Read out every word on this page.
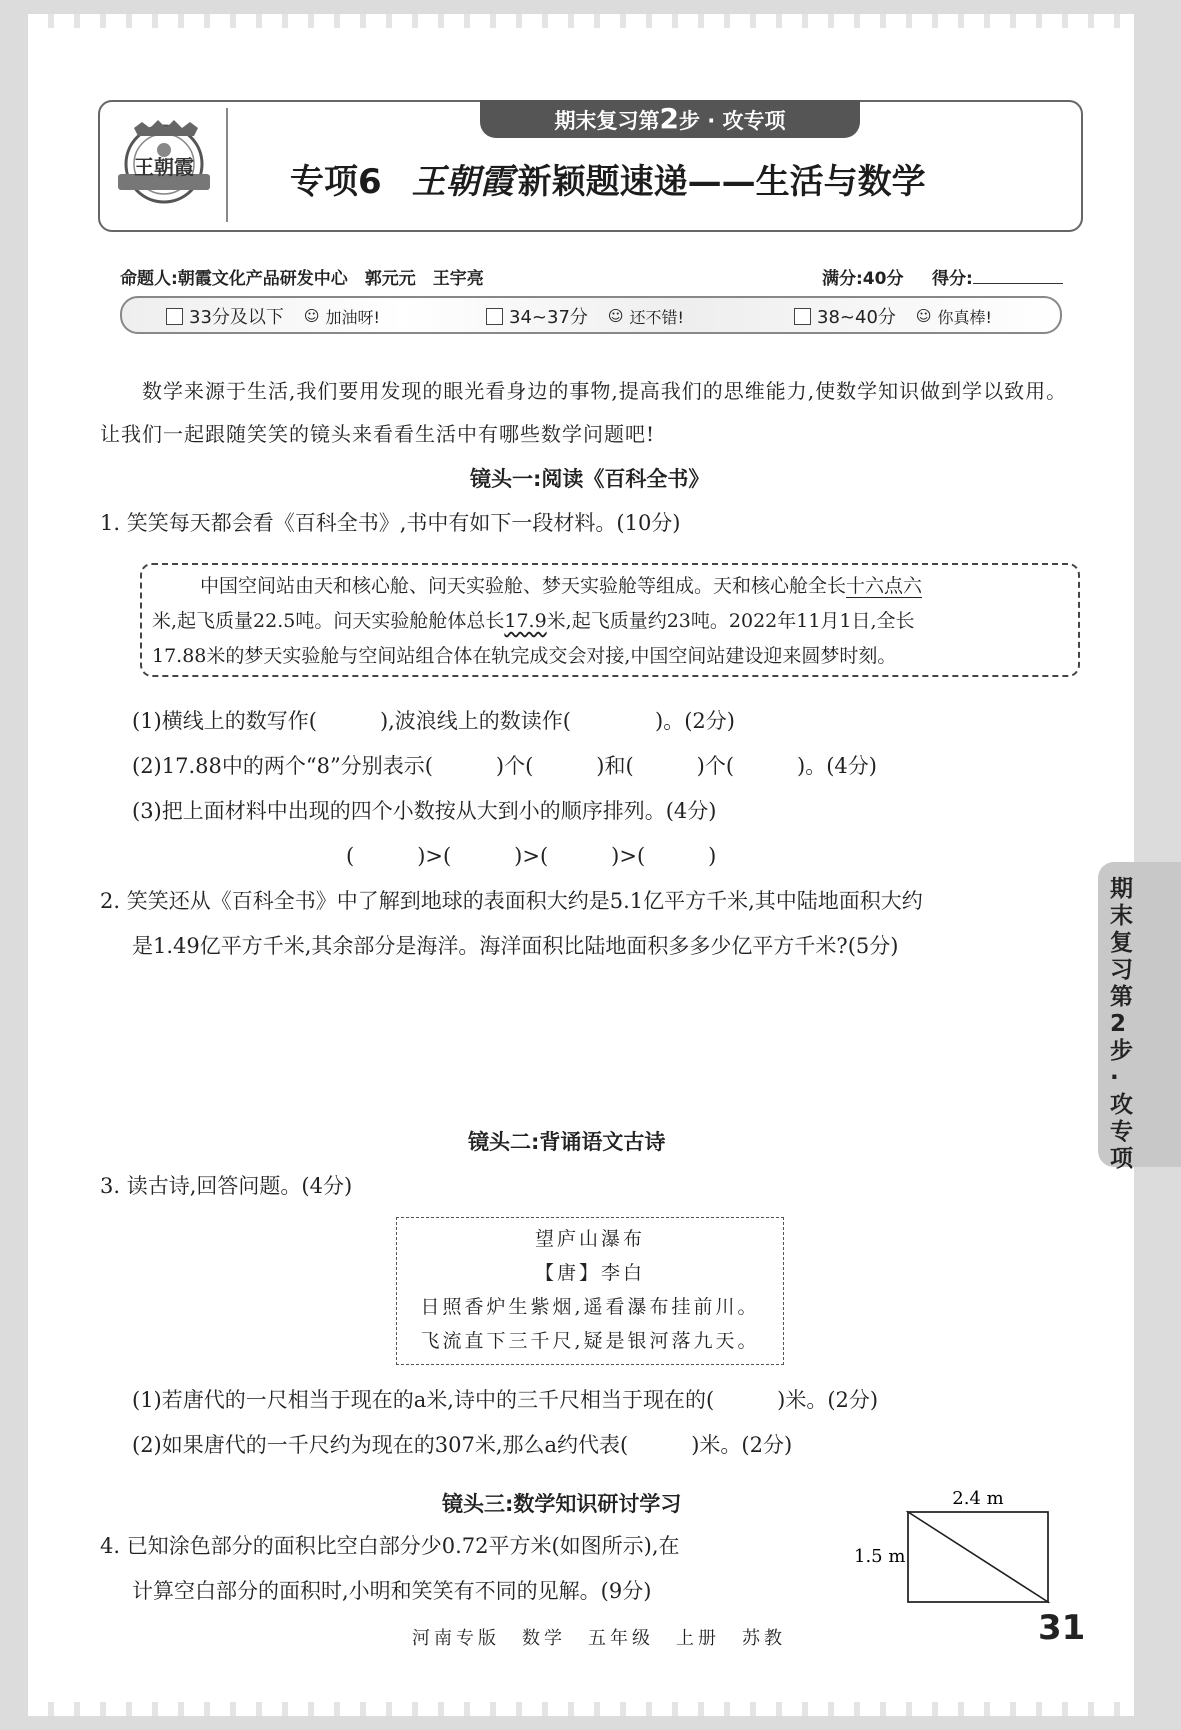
期末复习第2步 · 攻专项
王朝霞	专项6 王朝霞 新颖题速递——生活与数学
命题人:朝霞文化产品研发中心　郭元元　王宇亮	满分:40分 得分:
33分及以下 ☺ 加油呀!	34~37分 ☺ 还不错!	38~40分 ☺ 你真棒!
数学来源于生活,我们要用发现的眼光看身边的事物,提高我们的思维能力,使数学知识做到学以致用。让我们一起跟随笑笑的镜头来看看生活中有哪些数学问题吧!
镜头一:阅读《百科全书》
1. 笑笑每天都会看《百科全书》,书中有如下一段材料。(10分)
中国空间站由天和核心舱、问天实验舱、梦天实验舱等组成。天和核心舱全长十六点六
米,起飞质量22.5吨。问天实验舱舱体总长17.9米,起飞质量约23吨。2022年11月1日,全长
17.88米的梦天实验舱与空间站组合体在轨完成交会对接,中国空间站建设迎来圆梦时刻。
(1)横线上的数写作(　　　),波浪线上的数读作(　　　　)。(2分)
(2)17.88中的两个“8”分别表示(　　　)个(　　　)和(　　　)个(　　　)。(4分)
(3)把上面材料中出现的四个小数按从大到小的顺序排列。(4分)
(　　　)>(　　　)>(　　　)>(　　　)
2. 笑笑还从《百科全书》中了解到地球的表面积大约是5.1亿平方千米,其中陆地面积大约
是1.49亿平方千米,其余部分是海洋。海洋面积比陆地面积多多少亿平方千米?(5分)
镜头二:背诵语文古诗
3. 读古诗,回答问题。(4分)
望庐山瀑布
【唐】李白
日照香炉生紫烟,遥看瀑布挂前川。
飞流直下三千尺,疑是银河落九天。
(1)若唐代的一尺相当于现在的a米,诗中的三千尺相当于现在的(　　　)米。(2分)
(2)如果唐代的一千尺约为现在的307米,那么a约代表(　　　)米。(2分)
镜头三:数学知识研讨学习
4. 已知涂色部分的面积比空白部分少0.72平方米(如图所示),在
计算空白部分的面积时,小明和笑笑有不同的见解。(9分)
2.4 m
1.5 m
期末复习第2步·攻专项
河南专版　数学　五年级　上册　苏教	31
